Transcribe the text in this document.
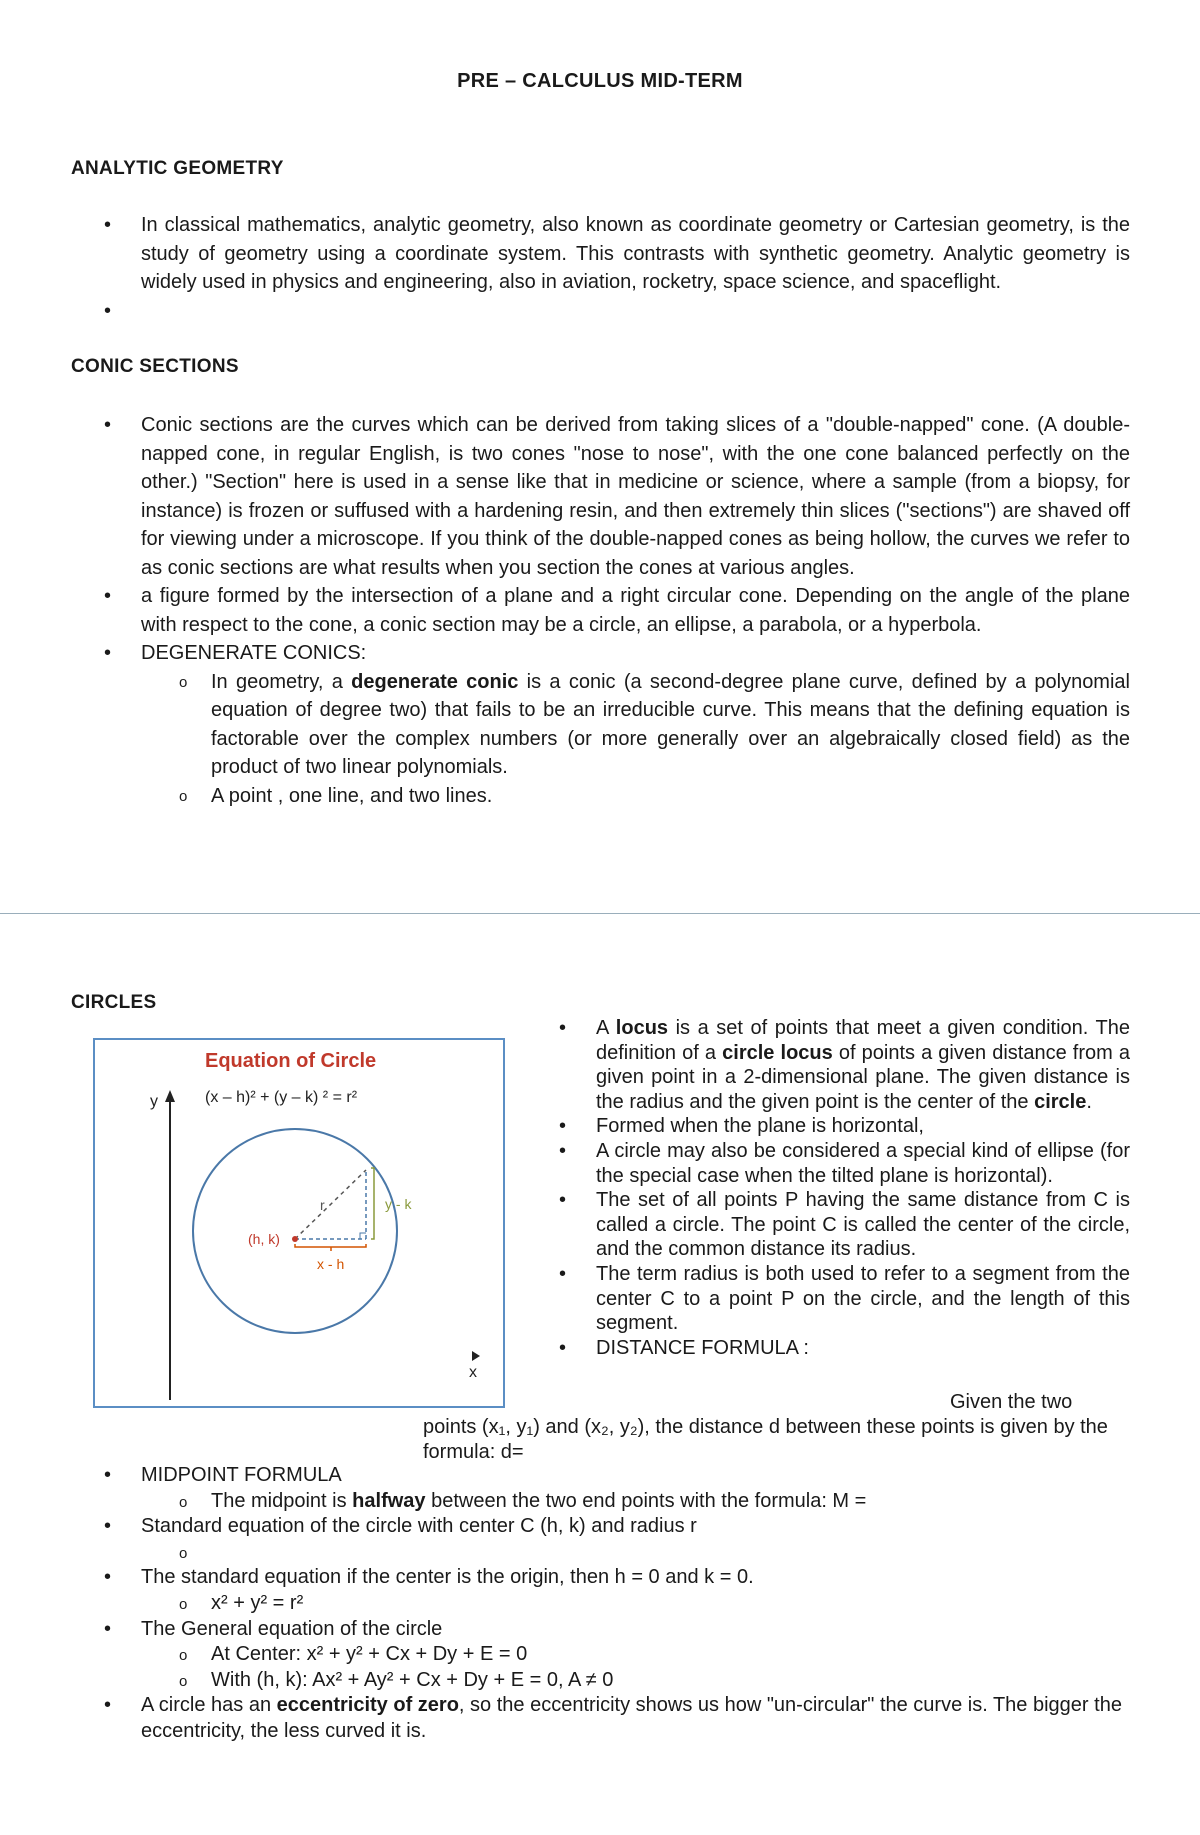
PRE – CALCULUS MID-TERM
ANALYTIC GEOMETRY
• In classical mathematics, analytic geometry, also known as coordinate geometry or Cartesian geometry, is the study of geometry using a coordinate system. This contrasts with synthetic geometry. Analytic geometry is widely used in physics and engineering, also in aviation, rocketry, space science, and spaceflight.
•
CONIC SECTIONS
• Conic sections are the curves which can be derived from taking slices of a "double-napped" cone. (A double-napped cone, in regular English, is two cones "nose to nose", with the one cone balanced perfectly on the other.) "Section" here is used in a sense like that in medicine or science, where a sample (from a biopsy, for instance) is frozen or suffused with a hardening resin, and then extremely thin slices ("sections") are shaved off for viewing under a microscope. If you think of the double-napped cones as being hollow, the curves we refer to as conic sections are what results when you section the cones at various angles.
• a figure formed by the intersection of a plane and a right circular cone. Depending on the angle of the plane with respect to the cone, a conic section may be a circle, an ellipse, a parabola, or a hyperbola.
• DEGENERATE CONICS:
o In geometry, a degenerate conic is a conic (a second-degree plane curve, defined by a polynomial equation of degree two) that fails to be an irreducible curve. This means that the defining equation is factorable over the complex numbers (or more generally over an algebraically closed field) as the product of two linear polynomials.
o A point , one line, and two lines.
CIRCLES
Equation of Circle
(x – h)² + (y – k) ² = r²
y
y - k
x - h
(h, k)
r
x
• A locus is a set of points that meet a given condition. The definition of a circle locus of points a given distance from a given point in a 2-dimensional plane. The given distance is the radius and the given point is the center of the circle.
• Formed when the plane is horizontal,
• A circle may also be considered a special kind of ellipse (for the special case when the tilted plane is horizontal).
• The set of all points P having the same distance from C is called a circle. The point C is called the center of the circle, and the common distance its radius.
• The term radius is both used to refer to a segment from the center C to a point P on the circle, and the length of this segment.
• DISTANCE FORMULA :
Given the two
points (x₁, y₁) and (x₂, y₂), the distance d between these points is given by the formula: d=
• MIDPOINT FORMULA
o The midpoint is halfway between the two end points with the formula: M =
• Standard equation of the circle with center C (h, k) and radius r
o
• The standard equation if the center is the origin, then h = 0 and k = 0.
o x² + y² = r²
• The General equation of the circle
o At Center: x² + y² + Cx + Dy + E = 0
o With (h, k): Ax² + Ay² + Cx + Dy + E = 0, A ≠ 0
• A circle has an eccentricity of zero, so the eccentricity shows us how "un-circular" the curve is. The bigger the eccentricity, the less curved it is.
